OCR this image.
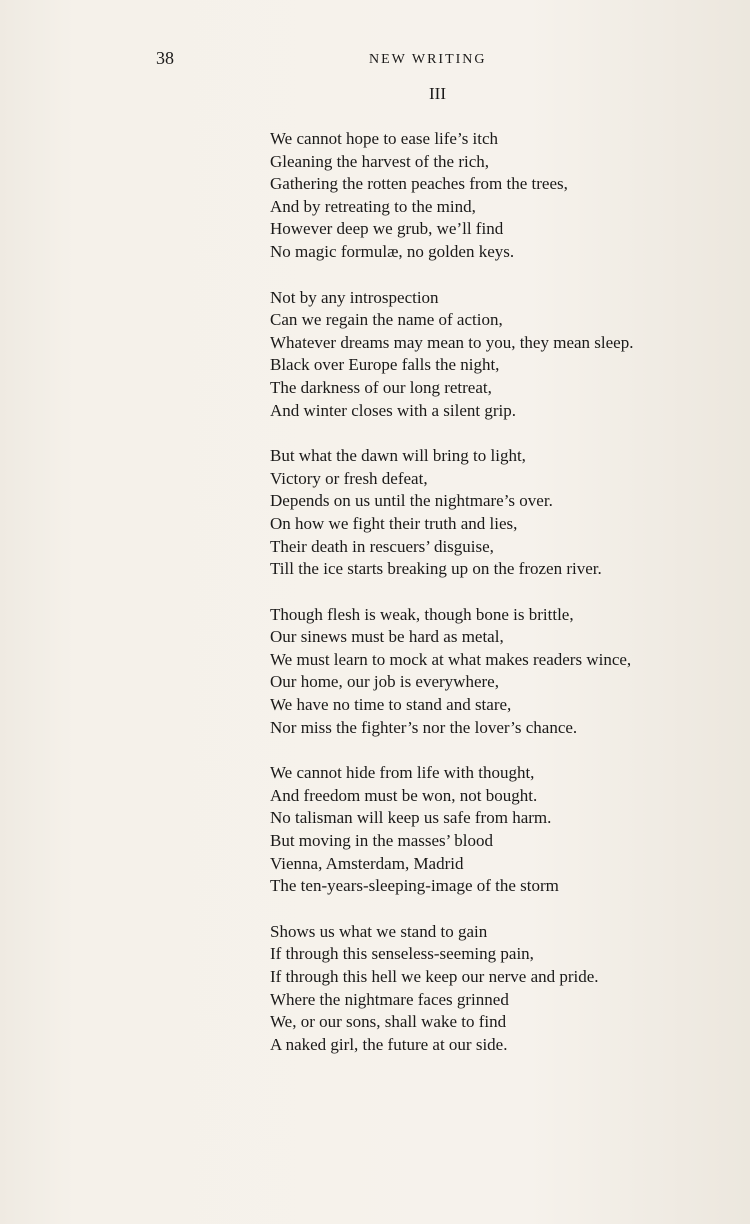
38	NEW WRITING
III
We cannot hope to ease life’s itch
Gleaning the harvest of the rich,
Gathering the rotten peaches from the trees,
And by retreating to the mind,
However deep we grub, we’ll find
No magic formulæ, no golden keys.
Not by any introspection
Can we regain the name of action,
Whatever dreams may mean to you, they mean sleep.
Black over Europe falls the night,
The darkness of our long retreat,
And winter closes with a silent grip.
But what the dawn will bring to light,
Victory or fresh defeat,
Depends on us until the nightmare’s over.
On how we fight their truth and lies,
Their death in rescuers’ disguise,
Till the ice starts breaking up on the frozen river.
Though flesh is weak, though bone is brittle,
Our sinews must be hard as metal,
We must learn to mock at what makes readers wince,
Our home, our job is everywhere,
We have no time to stand and stare,
Nor miss the fighter’s nor the lover’s chance.
We cannot hide from life with thought,
And freedom must be won, not bought.
No talisman will keep us safe from harm.
But moving in the masses’ blood
Vienna, Amsterdam, Madrid
The ten-years-sleeping-image of the storm
Shows us what we stand to gain
If through this senseless-seeming pain,
If through this hell we keep our nerve and pride.
Where the nightmare faces grinned
We, or our sons, shall wake to find
A naked girl, the future at our side.
